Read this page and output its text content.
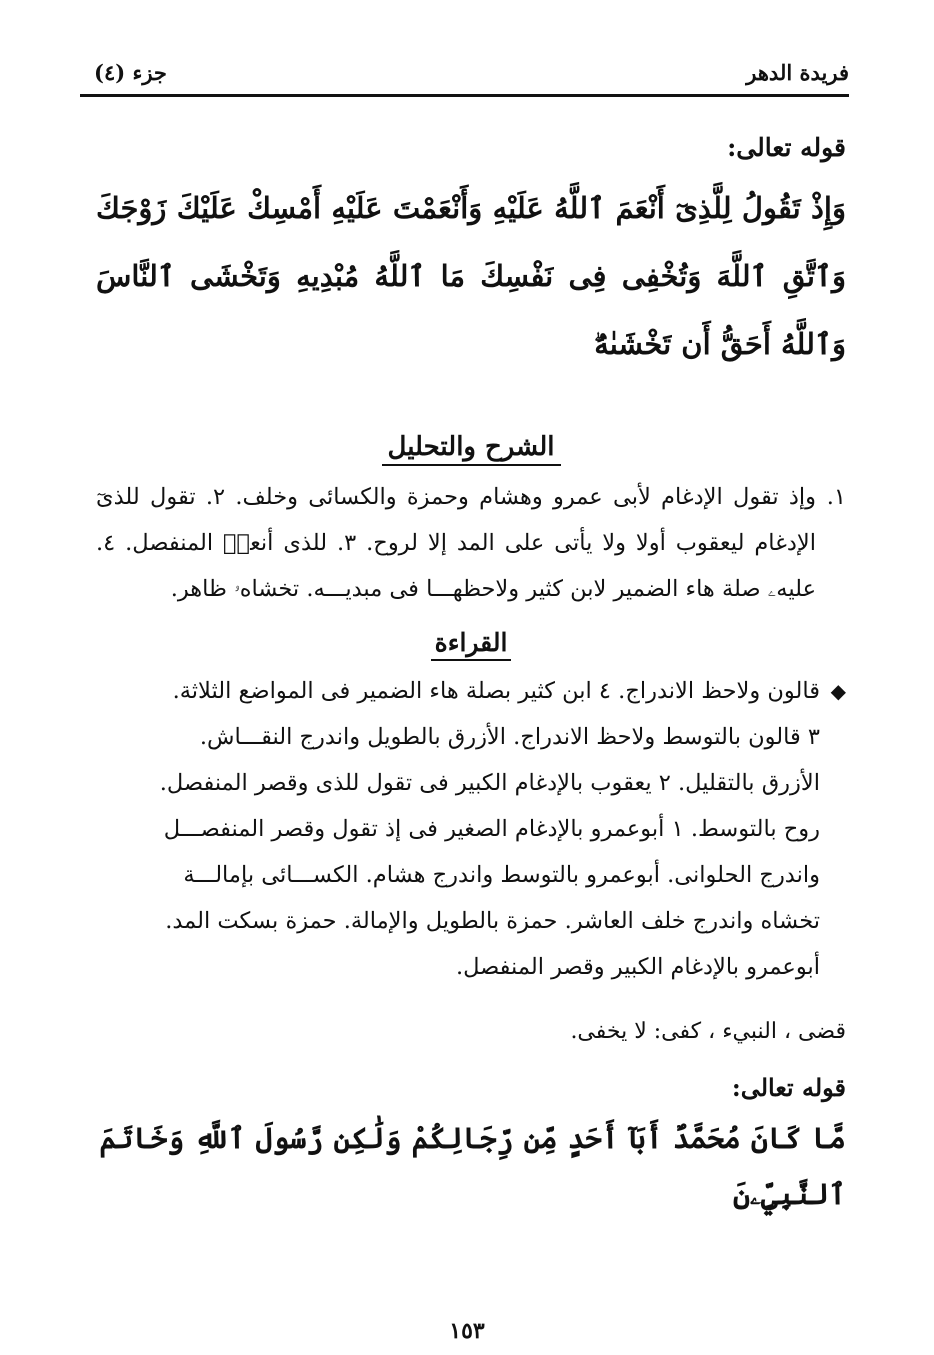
فريدة الدهر
جزء (٤)
قوله تعالى:

وَإِذْ تَقُولُ لِلَّذِىٓ أَنْعَمَ ٱللَّهُ عَلَيْهِ وَأَنْعَمْتَ عَلَيْهِ أَمْسِكْ عَلَيْكَ زَوْجَكَ وَٱتَّقِ ٱللَّهَ وَتُخْفِى فِى نَفْسِكَ مَا ٱللَّهُ مُبْدِيهِ وَتَخْشَى ٱلنَّاسَ وَٱللَّهُ أَحَقُّ أَن تَخْشَىٰهُ

الشرح والتحليل
١.
وإذ تقول الإدغام لأبى عمرو وهشام وحمزة والكسائى وخلف. ٢. تقول للذىٓ الإدغام ليعقوب أولا ولا يأتى على المد إلا لروح. ٣. للذى أنعمۡ المنفصل. ٤. عليهۦ صلة هاء الضمير لابن كثير ولاحظهـــا فى مبديـــه. تخشاهۥ ظاهر.
القراءة
◆

قالون ولاحظ الاندراج. ٤ ابن كثير بصلة هاء الضمير فى المواضع الثلاثة.

٣ قالون بالتوسط ولاحظ الاندراج. الأزرق بالطويل واندرج النقـــاش.

الأزرق بالتقليل. ٢ يعقوب بالإدغام الكبير فى تقول للذى وقصر المنفصل.

روح بالتوسط. ١ أبوعمرو بالإدغام الصغير فى إذ تقول وقصر المنفصـــل

واندرج الحلوانى. أبوعمرو بالتوسط واندرج هشام. الكســـائى بإمالـــة

تخشاه واندرج خلف العاشر. حمزة بالطويل والإمالة. حمزة بسكت المد.

أبوعمرو بالإدغام الكبير وقصر المنفصل.

قضى ، النبيء ، كفى: لا يخفى.

قوله تعالى:

مَّا كَانَ مُحَمَّدٌ أَبَآ أَحَدٍ مِّن رِّجَالِكُمْ وَلَٰكِن رَّسُولَ ٱللَّهِ وَخَاتَمَ ٱلنَّبِيِّۦنَ

١٥٣
